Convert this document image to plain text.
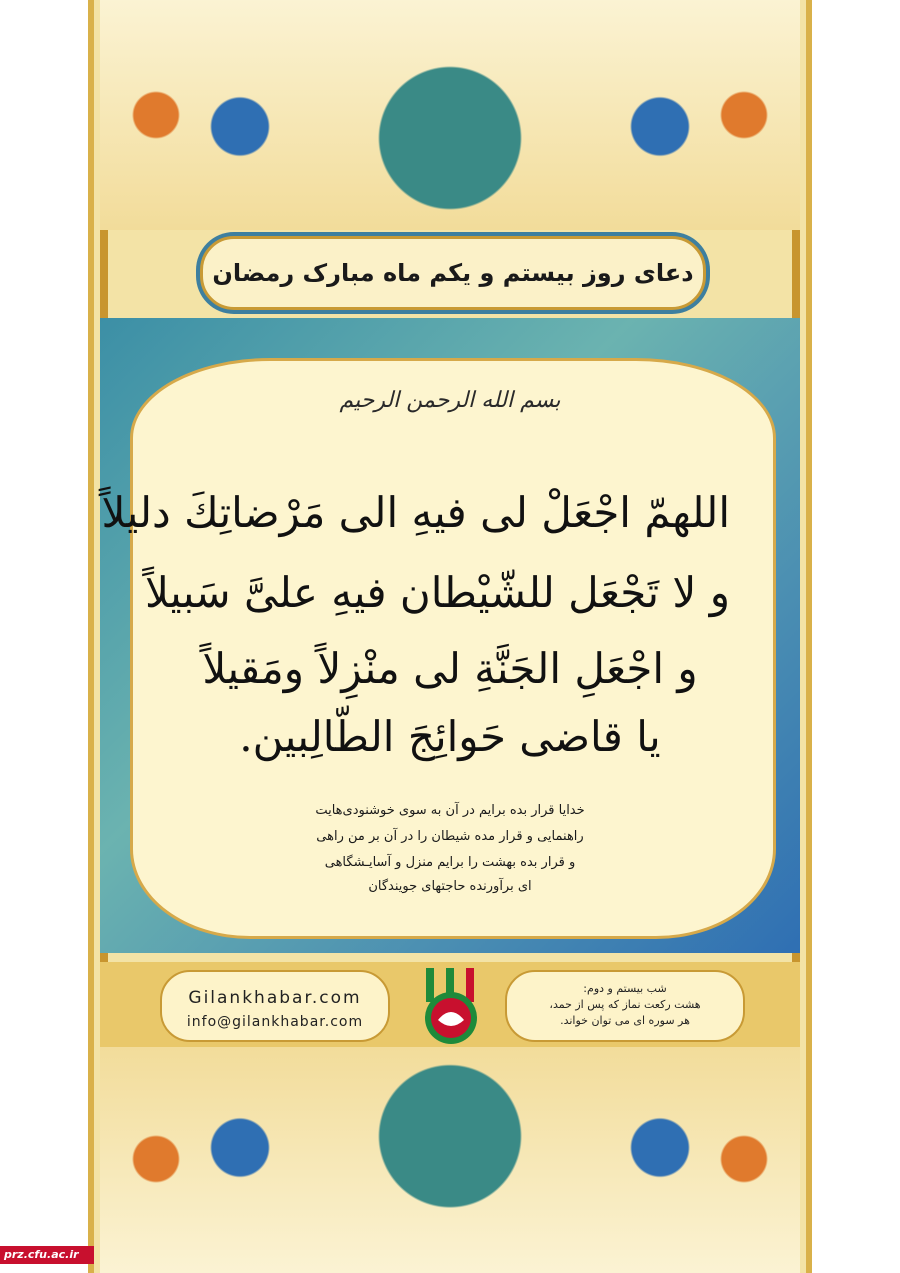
دعای روز بیستم و یکم ماه مبارک رمضان
بسم الله الرحمن الرحیم
اللهمّ اجْعَلْ لی فیهِ الی مَرْضاتِكَ دلیلاً
و لا تَجْعَل للشّیْطان فیهِ علیَّ سَبیلاً
و اجْعَلِ الجَنَّةِ لی منْزِلاً ومَقیلاً
یا قاضی حَوائِجَ الطّالِبین.
خدایا قرار بده برایم در آن به سوی خوشنودی‌هایت
راهنمایی و قرار مده شیطان را در آن بر من راهی
و قرار بده بهشت را برایم منزل و آسایـشگاهی
ای برآورنده حاجتهای جویندگان
Gilankhabar.com
info@gilankhabar.com
شب بیستم و دوم:
هشت رکعت نماز که پس از حمد،
هر سوره ای می توان خواند.
prz.cfu.ac.ir
